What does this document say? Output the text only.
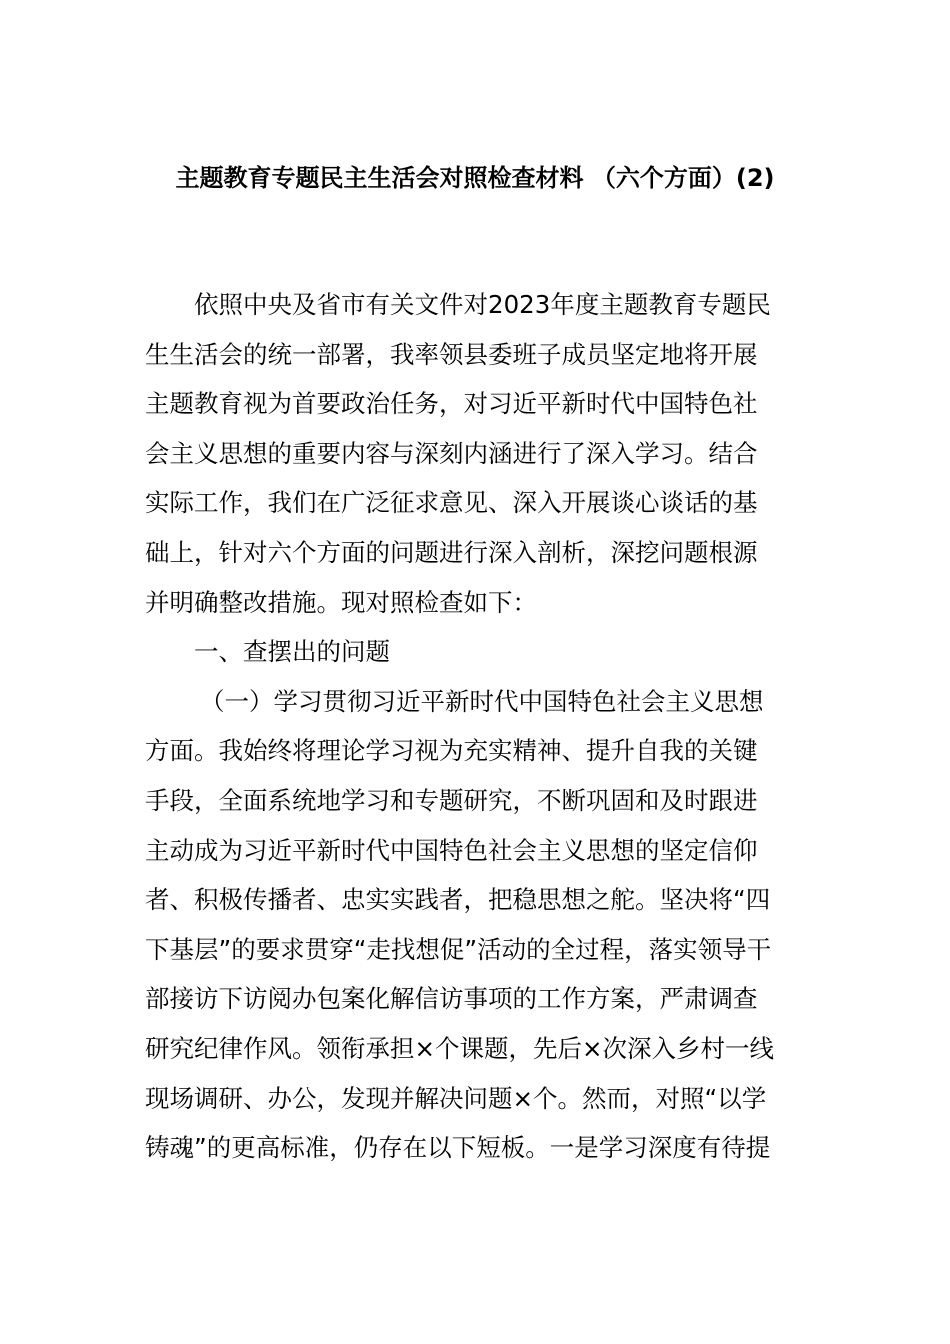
主题教育专题民主生活会对照检查材料 （六个方面）(2)
依照中央及省市有关文件对2023年度主题教育专题民
生生活会的统一部署，我率领县委班子成员坚定地将开展
主题教育视为首要政治任务，对习近平新时代中国特色社
会主义思想的重要内容与深刻内涵进行了深入学习。结合
实际工作，我们在广泛征求意见、深入开展谈心谈话的基
础上，针对六个方面的问题进行深入剖析，深挖问题根源
并明确整改措施。现对照检查如下：
一、查摆出的问题
（一）学习贯彻习近平新时代中国特色社会主义思想
方面。我始终将理论学习视为充实精神、提升自我的关键
手段，全面系统地学习和专题研究，不断巩固和及时跟进
主动成为习近平新时代中国特色社会主义思想的坚定信仰
者、积极传播者、忠实实践者，把稳思想之舵。坚决将“四
下基层”的要求贯穿“走找想促”活动的全过程，落实领导干
部接访下访阅办包案化解信访事项的工作方案，严肃调查
研究纪律作风。领衔承担×个课题，先后×次深入乡村一线
现场调研、办公，发现并解决问题×个。然而，对照“以学
铸魂”的更高标准，仍存在以下短板。一是学习深度有待提
